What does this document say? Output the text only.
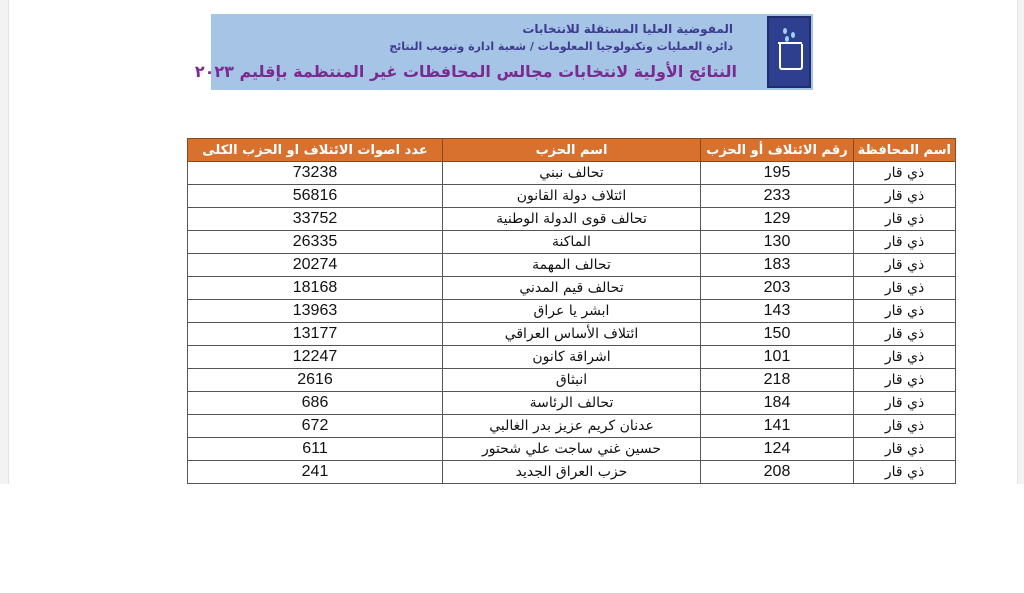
المفوضية العليا المستقلة للانتخابات
دائرة العمليات وتكنولوجيا المعلومات / شعبة ادارة وتبويب النتائج
النتائج الأولية لانتخابات مجالس المحافظات غير المنتظمة بإقليم ٢٠٢٣
اسم المحافظة	رقم الائتلاف أو الحزب	اسم الحزب	عدد اصوات الائتلاف او الحزب الكلى
ذي قار	195	تحالف نبني	73238
ذي قار	233	ائتلاف دولة القانون	56816
ذي قار	129	تحالف قوى الدولة الوطنية	33752
ذي قار	130	الماكنة	26335
ذي قار	183	تحالف المهمة	20274
ذي قار	203	تحالف قيم المدني	18168
ذي قار	143	ابشر يا عراق	13963
ذي قار	150	ائتلاف الأساس العراقي	13177
ذي قار	101	اشراقة كانون	12247
ذي قار	218	انبثاق	2616
ذي قار	184	تحالف الرئاسة	686
ذي قار	141	عدنان كريم عزيز بدر الغالبي	672
ذي قار	124	حسين غني ساجت علي شحتور	611
ذي قار	208	حزب العراق الجديد	241
